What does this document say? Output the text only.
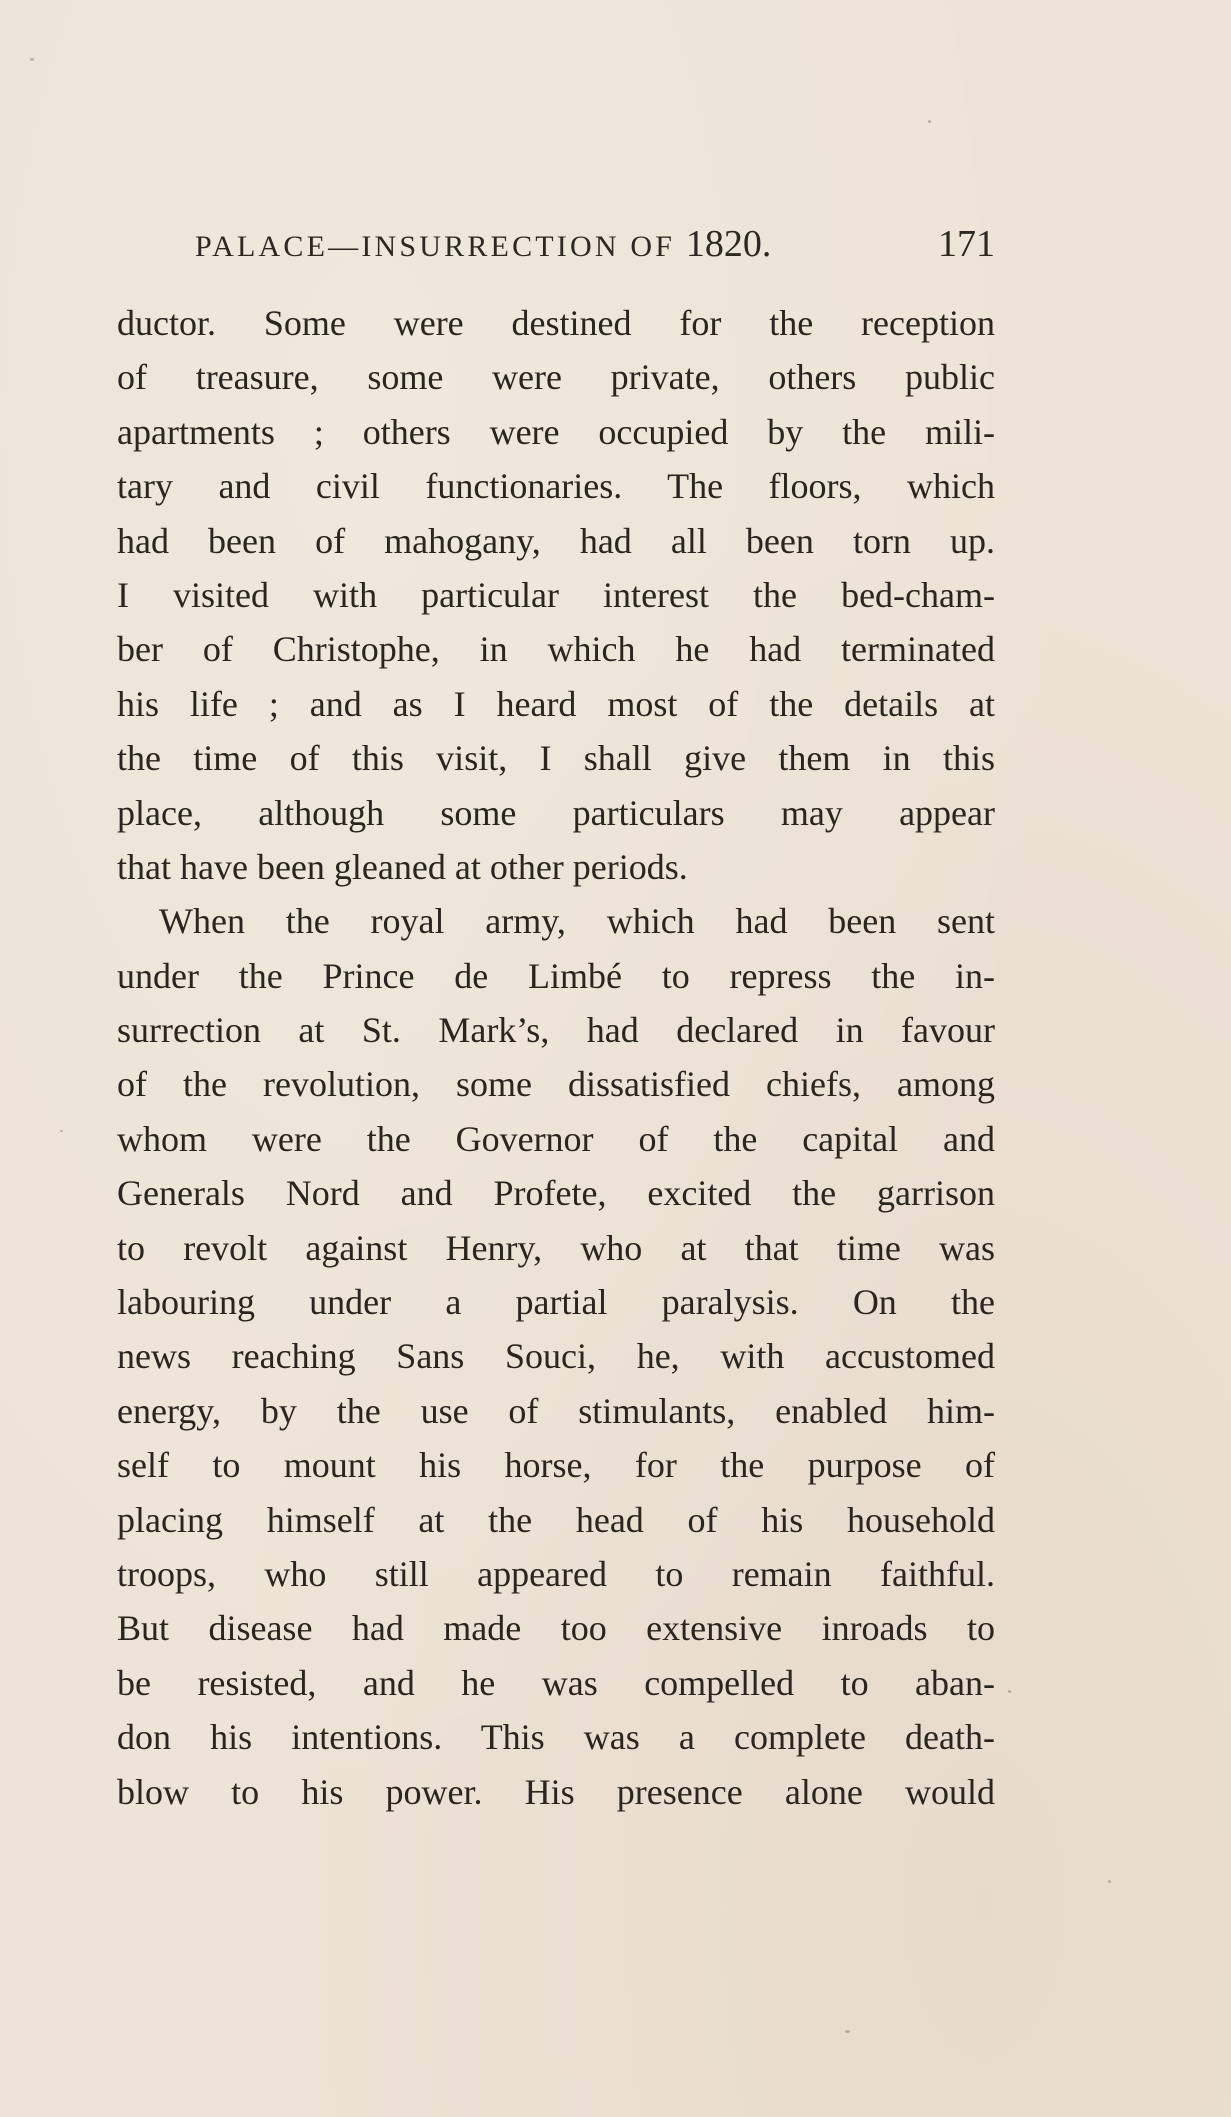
PALACE—INSURRECTION OF 1820.	171
ductor. Some were destined for the reception
of treasure, some were private, others public
apartments ; others were occupied by the mili-
tary and civil functionaries. The floors, which
had been of mahogany, had all been torn up.
I visited with particular interest the bed-cham-
ber of Christophe, in which he had terminated
his life ; and as I heard most of the details at
the time of this visit, I shall give them in this
place, although some particulars may appear
that have been gleaned at other periods.
When the royal army, which had been sent
under the Prince de Limbé to repress the in-
surrection at St. Mark’s, had declared in favour
of the revolution, some dissatisfied chiefs, among
whom were the Governor of the capital and
Generals Nord and Profete, excited the garrison
to revolt against Henry, who at that time was
labouring under a partial paralysis. On the
news reaching Sans Souci, he, with accustomed
energy, by the use of stimulants, enabled him-
self to mount his horse, for the purpose of
placing himself at the head of his household
troops, who still appeared to remain faithful.
But disease had made too extensive inroads to
be resisted, and he was compelled to aban-
don his intentions. This was a complete death-
blow to his power. His presence alone would
